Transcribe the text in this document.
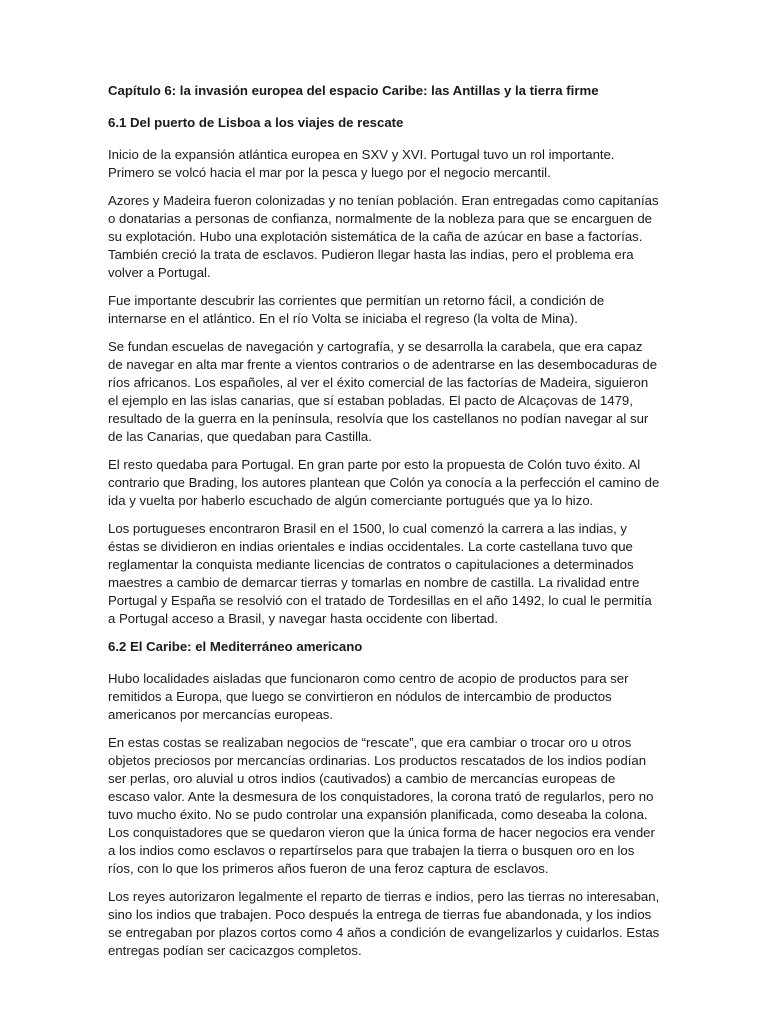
Capítulo 6: la invasión europea del espacio Caribe: las Antillas y la tierra firme
6.1 Del puerto de Lisboa a los viajes de rescate
Inicio de la expansión atlántica europea en SXV y XVI. Portugal tuvo un rol importante. Primero se volcó hacia el mar por la pesca y luego por el negocio mercantil.
Azores y Madeira fueron colonizadas y no tenían población. Eran entregadas como capitanías o donatarias a personas de confianza, normalmente de la nobleza para que se encarguen de su explotación. Hubo una explotación sistemática de la caña de azúcar en base a factorías. También creció la trata de esclavos. Pudieron llegar hasta las indias, pero el problema era volver a Portugal.
Fue importante descubrir las corrientes que permitían un retorno fácil, a condición de internarse en el atlántico. En el río Volta se iniciaba el regreso (la volta de Mina).
Se fundan escuelas de navegación y cartografía, y se desarrolla la carabela, que era capaz de navegar en alta mar frente a vientos contrarios o de adentrarse en las desembocaduras de ríos africanos. Los españoles, al ver el éxito comercial de las factorías de Madeira, siguieron el ejemplo en las islas canarias, que sí estaban pobladas. El pacto de Alcaçovas de 1479, resultado de la guerra en la península, resolvía que los castellanos no podían navegar al sur de las Canarias, que quedaban para Castilla.
El resto quedaba para Portugal. En gran parte por esto la propuesta de Colón tuvo éxito. Al contrario que Brading, los autores plantean que Colón ya conocía a la perfección el camino de ida y vuelta por haberlo escuchado de algún comerciante portugués que ya lo hizo.
Los portugueses encontraron Brasil en el 1500, lo cual comenzó la carrera a las indias, y éstas se dividieron en indias orientales e indias occidentales. La corte castellana tuvo que reglamentar la conquista mediante licencias de contratos o capitulaciones a determinados maestres a cambio de demarcar tierras y tomarlas en nombre de castilla. La rivalidad entre Portugal y España se resolvió con el tratado de Tordesillas en el año 1492, lo cual le permitía a Portugal acceso a Brasil, y navegar hasta occidente con libertad.
6.2 El Caribe: el Mediterráneo americano
Hubo localidades aisladas que funcionaron como centro de acopio de productos para ser remitidos a Europa, que luego se convirtieron en nódulos de intercambio de productos americanos por mercancías europeas.
En estas costas se realizaban negocios de “rescate”, que era cambiar o trocar oro u otros objetos preciosos por mercancías ordinarias. Los productos rescatados de los indios podían ser perlas, oro aluvial u otros indios (cautivados) a cambio de mercancías europeas de escaso valor. Ante la desmesura de los conquistadores, la corona trató de regularlos, pero no tuvo mucho éxito. No se pudo controlar una expansión planificada, como deseaba la colona. Los conquistadores que se quedaron vieron que la única forma de hacer negocios era vender a los indios como esclavos o repartírselos para que trabajen la tierra o busquen oro en los ríos, con lo que los primeros años fueron de una feroz captura de esclavos.
Los reyes autorizaron legalmente el reparto de tierras e indios, pero las tierras no interesaban, sino los indios que trabajen. Poco después la entrega de tierras fue abandonada, y los indios se entregaban por plazos cortos como 4 años a condición de evangelizarlos y cuidarlos. Estas entregas podían ser cacicazgos completos.
